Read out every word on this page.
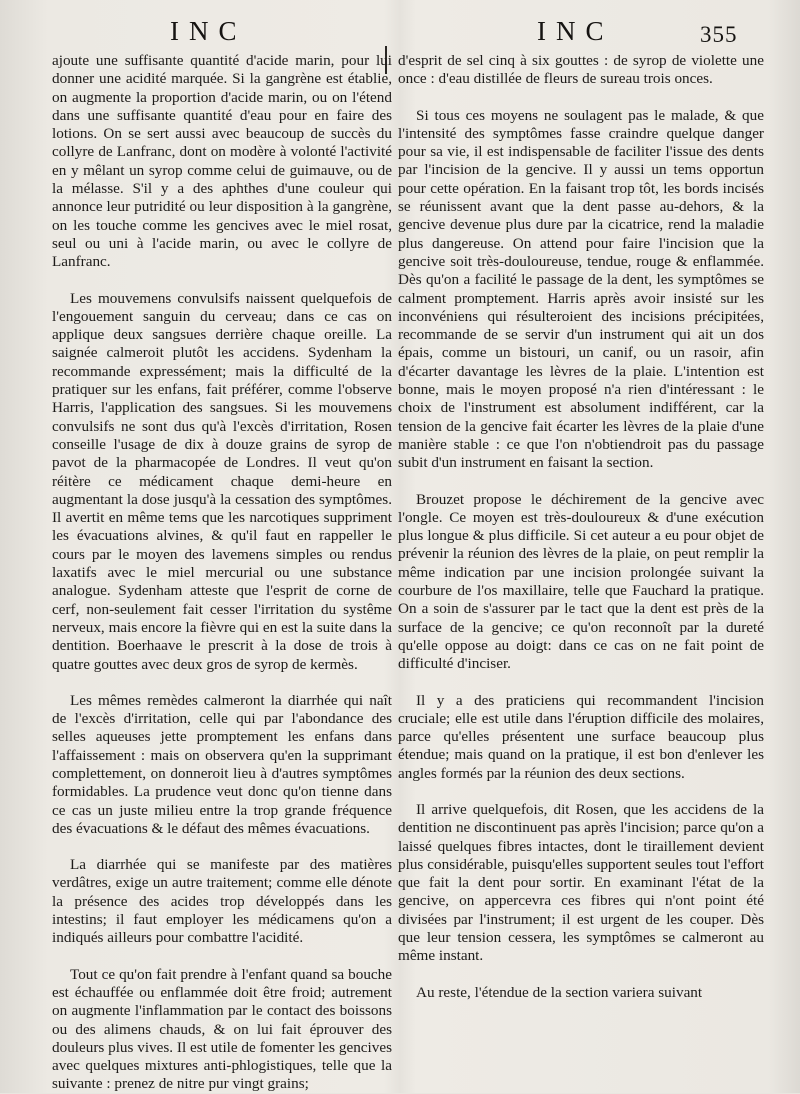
INC	INC	355

ajoute une suffisante quantité d'acide marin, pour lui donner une acidité marquée. Si la gangrène est établie, on augmente la proportion d'acide marin, ou on l'étend dans une suffisante quantité d'eau pour en faire des lotions. On se sert aussi avec beaucoup de succès du collyre de Lanfranc, dont on modère à volonté l'activité en y mêlant un syrop comme celui de guimauve, ou de la mélasse. S'il y a des aphthes d'une couleur qui annonce leur putridité ou leur disposition à la gangrène, on les touche comme les gencives avec le miel rosat, seul ou uni à l'acide marin, ou avec le collyre de Lanfranc.

Les mouvemens convulsifs naissent quelquefois de l'engouement sanguin du cerveau; dans ce cas on applique deux sangsues derrière chaque oreille. La saignée calmeroit plutôt les accidens. Sydenham la recommande expressément; mais la difficulté de la pratiquer sur les enfans, fait préférer, comme l'observe Harris, l'application des sangsues. Si les mouvemens convulsifs ne sont dus qu'à l'excès d'irritation, Rosen conseille l'usage de dix à douze grains de syrop de pavot de la pharmacopée de Londres. Il veut qu'on réitère ce médicament chaque demi-heure en augmentant la dose jusqu'à la cessation des symptômes. Il avertit en même tems que les narcotiques suppriment les évacuations alvines, & qu'il faut en rappeller le cours par le moyen des lavemens simples ou rendus laxatifs avec le miel mercurial ou une substance analogue. Sydenham atteste que l'esprit de corne de cerf, non-seulement fait cesser l'irritation du systême nerveux, mais encore la fièvre qui en est la suite dans la dentition. Boerhaave le prescrit à la dose de trois à quatre gouttes avec deux gros de syrop de kermès.

Les mêmes remèdes calmeront la diarrhée qui naît de l'excès d'irritation, celle qui par l'abondance des selles aqueuses jette promptement les enfans dans l'affaissement : mais on observera qu'en la supprimant complettement, on donneroit lieu à d'autres symptômes formidables. La prudence veut donc qu'on tienne dans ce cas un juste milieu entre la trop grande fréquence des évacuations & le défaut des mêmes évacuations.

La diarrhée qui se manifeste par des matières verdâtres, exige un autre traitement; comme elle dénote la présence des acides trop développés dans les intestins; il faut employer les médicamens qu'on a indiqués ailleurs pour combattre l'acidité.

Tout ce qu'on fait prendre à l'enfant quand sa bouche est échauffée ou enflammée doit être froid; autrement on augmente l'inflammation par le contact des boissons ou des alimens chauds, & on lui fait éprouver des douleurs plus vives. Il est utile de fomenter les gencives avec quelques mixtures anti-phlogistiques, telle que la suivante : prenez de nitre pur vingt grains;

d'esprit de sel cinq à six gouttes : de syrop de violette une once : d'eau distillée de fleurs de sureau trois onces.

Si tous ces moyens ne soulagent pas le malade, & que l'intensité des symptômes fasse craindre quelque danger pour sa vie, il est indispensable de faciliter l'issue des dents par l'incision de la gencive. Il y aussi un tems opportun pour cette opération. En la faisant trop tôt, les bords incisés se réunissent avant que la dent passe au-dehors, & la gencive devenue plus dure par la cicatrice, rend la maladie plus dangereuse. On attend pour faire l'incision que la gencive soit très-douloureuse, tendue, rouge & enflammée. Dès qu'on a facilité le passage de la dent, les symptômes se calment promptement. Harris après avoir insisté sur les inconvéniens qui résulteroient des incisions précipitées, recommande de se servir d'un instrument qui ait un dos épais, comme un bistouri, un canif, ou un rasoir, afin d'écarter davantage les lèvres de la plaie. L'intention est bonne, mais le moyen proposé n'a rien d'intéressant : le choix de l'instrument est absolument indifférent, car la tension de la gencive fait écarter les lèvres de la plaie d'une manière stable : ce que l'on n'obtiendroit pas du passage subit d'un instrument en faisant la section.

Brouzet propose le déchirement de la gencive avec l'ongle. Ce moyen est très-douloureux & d'une exécution plus longue & plus difficile. Si cet auteur a eu pour objet de prévenir la réunion des lèvres de la plaie, on peut remplir la même indication par une incision prolongée suivant la courbure de l'os maxillaire, telle que Fauchard la pratique. On a soin de s'assurer par le tact que la dent est près de la surface de la gencive; ce qu'on reconnoît par la dureté qu'elle oppose au doigt: dans ce cas on ne fait point de difficulté d'inciser.

Il y a des praticiens qui recommandent l'incision cruciale; elle est utile dans l'éruption difficile des molaires, parce qu'elles présentent une surface beaucoup plus étendue; mais quand on la pratique, il est bon d'enlever les angles formés par la réunion des deux sections.

Il arrive quelquefois, dit Rosen, que les accidens de la dentition ne discontinuent pas après l'incision; parce qu'on a laissé quelques fibres intactes, dont le tiraillement devient plus considérable, puisqu'elles supportent seules tout l'effort que fait la dent pour sortir. En examinant l'état de la gencive, on appercevra ces fibres qui n'ont point été divisées par l'instrument; il est urgent de les couper. Dès que leur tension cessera, les symptômes se calmeront au même instant.

Au reste, l'étendue de la section variera suivant
